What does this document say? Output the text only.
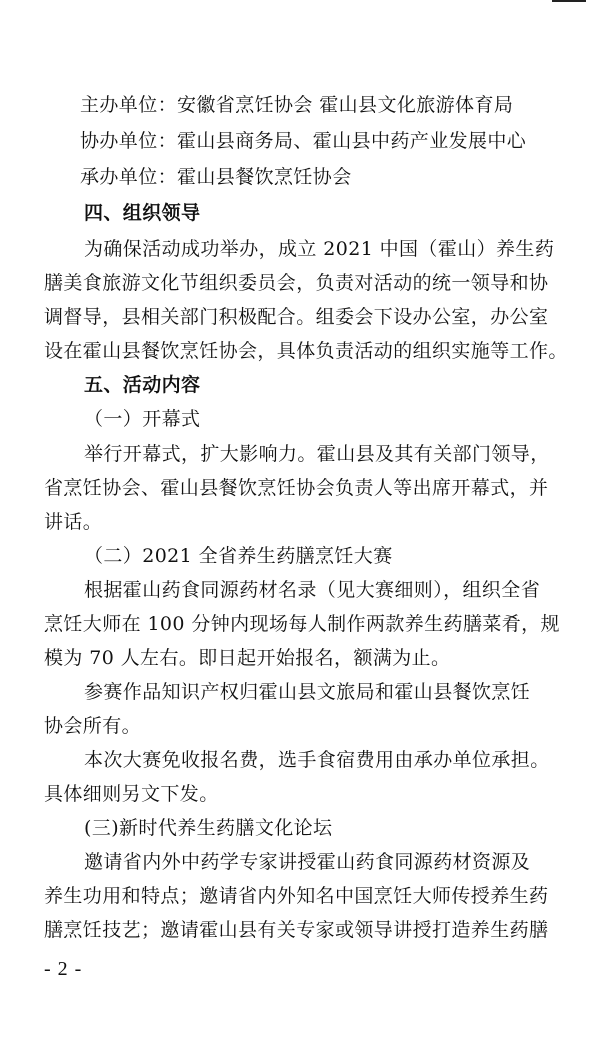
主办单位：安徽省烹饪协会 霍山县文化旅游体育局
协办单位：霍山县商务局、霍山县中药产业发展中心
承办单位：霍山县餐饮烹饪协会
四、组织领导
为确保活动成功举办，成立 2021 中国（霍山）养生药
膳美食旅游文化节组织委员会，负责对活动的统一领导和协
调督导，县相关部门积极配合。组委会下设办公室，办公室
设在霍山县餐饮烹饪协会，具体负责活动的组织实施等工作。
五、活动内容
（一）开幕式
举行开幕式，扩大影响力。霍山县及其有关部门领导，
省烹饪协会、霍山县餐饮烹饪协会负责人等出席开幕式，并
讲话。
（二）2021 全省养生药膳烹饪大赛
根据霍山药食同源药材名录（见大赛细则），组织全省
烹饪大师在 100 分钟内现场每人制作两款养生药膳菜肴，规
模为 70 人左右。即日起开始报名，额满为止。
参赛作品知识产权归霍山县文旅局和霍山县餐饮烹饪
协会所有。
本次大赛免收报名费，选手食宿费用由承办单位承担。
具体细则另文下发。
(三)新时代养生药膳文化论坛
邀请省内外中药学专家讲授霍山药食同源药材资源及
养生功用和特点；邀请省内外知名中国烹饪大师传授养生药
膳烹饪技艺；邀请霍山县有关专家或领导讲授打造养生药膳
- 2 -
